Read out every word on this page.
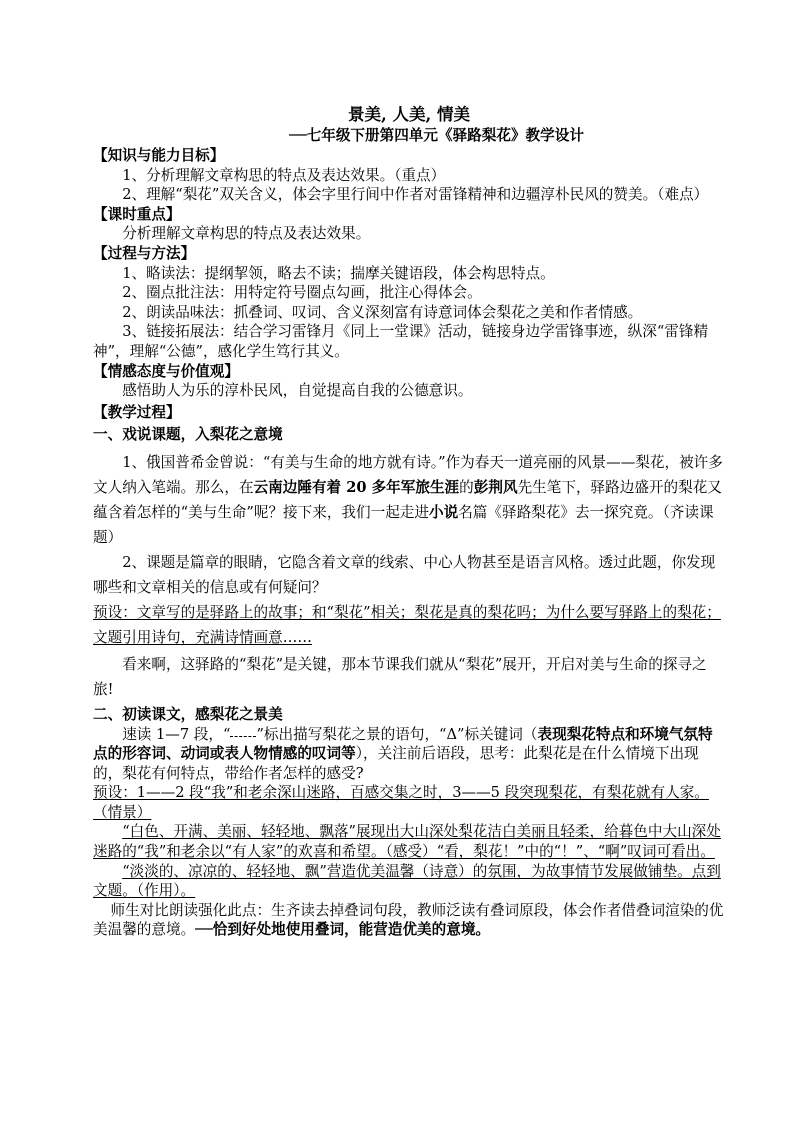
景美, 人美, 情美
──七年级下册第四单元《驿路梨花》教学设计

【知识与能力目标】

1、分析理解文章构思的特点及表达效果。（重点）

2、理解“梨花”双关含义，体会字里行间中作者对雷锋精神和边疆淳朴民风的赞美。（难点）

【课时重点】

分析理解文章构思的特点及表达效果。

【过程与方法】

1、略读法：提纲挈领，略去不读；揣摩关键语段，体会构思特点。

2、圈点批注法：用特定符号圈点勾画，批注心得体会。

2、朗读品味法：抓叠词、叹词、含义深刻富有诗意词体会梨花之美和作者情感。

3、链接拓展法：结合学习雷锋月《同上一堂课》活动，链接身边学雷锋事迹，纵深“雷锋精神”，理解“公德”，感化学生笃行其义。

【情感态度与价值观】

感悟助人为乐的淳朴民风，自觉提高自我的公德意识。

【教学过程】

一、戏说课题，入梨花之意境

1、俄国普希金曾说：“有美与生命的地方就有诗。”作为春天一道亮丽的风景——梨花，被许多文人纳入笔端。那么，在云南边陲有着 20 多年军旅生涯的彭荆风先生笔下，驿路边盛开的梨花又蕴含着怎样的“美与生命”呢？接下来，我们一起走进小说名篇《驿路梨花》去一探究竟。（齐读课题）

2、课题是篇章的眼睛，它隐含着文章的线索、中心人物甚至是语言风格。透过此题，你发现哪些和文章相关的信息或有何疑问？

预设：文章写的是驿路上的故事；和“梨花”相关；梨花是真的梨花吗；为什么要写驿路上的梨花；文题引用诗句，充满诗情画意……

看来啊，这驿路的“梨花”是关键，那本节课我们就从“梨花”展开，开启对美与生命的探寻之旅!

二、初读课文，感梨花之景美

速读 1—7 段，“ ”标出描写梨花之景的语句，“Δ”标关键词（表现梨花特点和环境气氛特点的形容词、动词或表人物情感的叹词等），关注前后语段，思考：此梨花是在什么情境下出现的，梨花有何特点，带给作者怎样的感受?

预设：1——2 段“我”和老余深山迷路，百感交集之时，3——5 段突现梨花，有梨花就有人家。（情景）

“白色、开满、美丽、轻轻地、飘落”展现出大山深处梨花洁白美丽且轻柔，给暮色中大山深处迷路的“我”和老余以“有人家”的欢喜和希望。（感受）“看，梨花！”中的“！”、“啊”叹词可看出。

“淡淡的、凉凉的、轻轻地、飘”营造优美温馨（诗意）的氛围，为故事情节发展做铺垫。点到文题。（作用）。

师生对比朗读强化此点：生齐读去掉叠词句段，教师泛读有叠词原段，体会作者借叠词渲染的优美温馨的意境。──恰到好处地使用叠词，能营造优美的意境。
